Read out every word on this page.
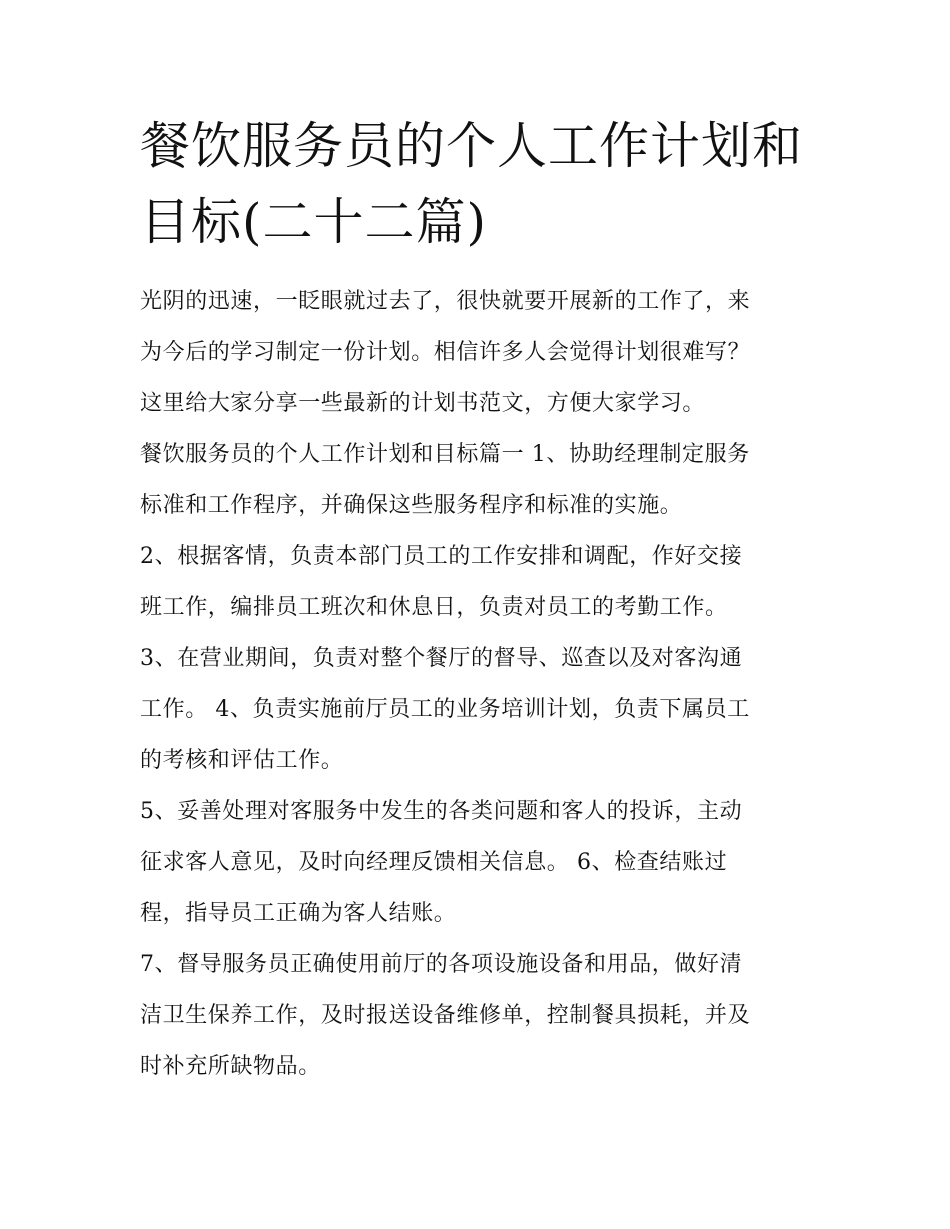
餐饮服务员的个人工作计划和
目标(二十二篇)
光阴的迅速，一眨眼就过去了，很快就要开展新的工作了，来
为今后的学习制定一份计划。相信许多人会觉得计划很难写？
这里给大家分享一些最新的计划书范文，方便大家学习。
餐饮服务员的个人工作计划和目标篇一 1、协助经理制定服务
标准和工作程序，并确保这些服务程序和标准的实施。
2、根据客情，负责本部门员工的工作安排和调配，作好交接
班工作，编排员工班次和休息日，负责对员工的考勤工作。
3、在营业期间，负责对整个餐厅的督导、巡查以及对客沟通
工作。 4、负责实施前厅员工的业务培训计划，负责下属员工
的考核和评估工作。
5、妥善处理对客服务中发生的各类问题和客人的投诉，主动
征求客人意见，及时向经理反馈相关信息。 6、检查结账过
程，指导员工正确为客人结账。
7、督导服务员正确使用前厅的各项设施设备和用品，做好清
洁卫生保养工作，及时报送设备维修单，控制餐具损耗，并及
时补充所缺物品。
